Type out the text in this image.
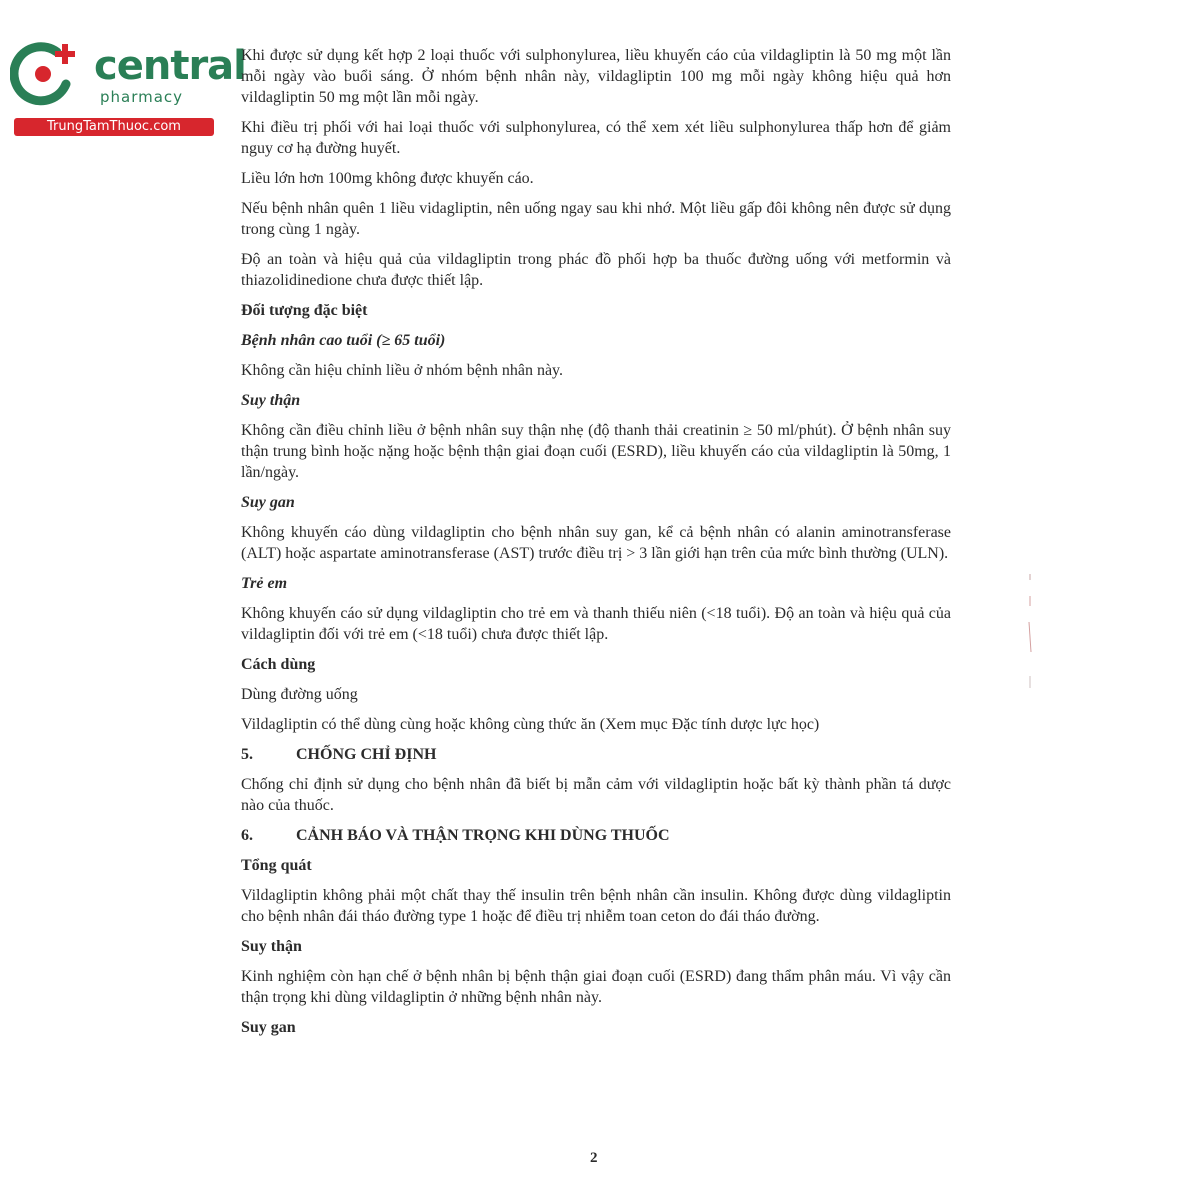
central
pharmacy
TrungTamThuoc.com

Khi được sử dụng kết hợp 2 loại thuốc với sulphonylurea, liều khuyến cáo của vildagliptin là 50 mg một lần mỗi ngày vào buổi sáng. Ở nhóm bệnh nhân này, vildagliptin 100 mg mỗi ngày không hiệu quả hơn vildagliptin 50 mg một lần mỗi ngày.

Khi điều trị phối với hai loại thuốc với sulphonylurea, có thể xem xét liều sulphonylurea thấp hơn để giảm nguy cơ hạ đường huyết.

Liều lớn hơn 100mg không được khuyến cáo.

Nếu bệnh nhân quên 1 liều vidagliptin, nên uống ngay sau khi nhớ. Một liều gấp đôi không nên được sử dụng trong cùng 1 ngày.

Độ an toàn và hiệu quả của vildagliptin trong phác đồ phối hợp ba thuốc đường uống với metformin và thiazolidinedione chưa được thiết lập.

Đối tượng đặc biệt
Bệnh nhân cao tuổi (≥ 65 tuổi)

Không cần hiệu chỉnh liều ở nhóm bệnh nhân này.

Suy thận

Không cần điều chỉnh liều ở bệnh nhân suy thận nhẹ (độ thanh thải creatinin ≥ 50 ml/phút). Ở bệnh nhân suy thận trung bình hoặc nặng hoặc bệnh thận giai đoạn cuối (ESRD), liều khuyến cáo của vildagliptin là 50mg, 1 lần/ngày.

Suy gan

Không khuyến cáo dùng vildagliptin cho bệnh nhân suy gan, kể cả bệnh nhân có alanin aminotransferase (ALT) hoặc aspartate aminotransferase (AST) trước điều trị > 3 lần giới hạn trên của mức bình thường (ULN).

Trẻ em

Không khuyến cáo sử dụng vildagliptin cho trẻ em và thanh thiếu niên (<18 tuổi). Độ an toàn và hiệu quả của vildagliptin đối với trẻ em (<18 tuổi) chưa được thiết lập.

Cách dùng

Dùng đường uống

Vildagliptin có thể dùng cùng hoặc không cùng thức ăn (Xem mục Đặc tính dược lực học)

5.	CHỐNG CHỈ ĐỊNH

Chống chỉ định sử dụng cho bệnh nhân đã biết bị mẫn cảm với vildagliptin hoặc bất kỳ thành phần tá dược nào của thuốc.

6.	CẢNH BÁO VÀ THẬN TRỌNG KHI DÙNG THUỐC
Tổng quát

Vildagliptin không phải một chất thay thế insulin trên bệnh nhân cần insulin. Không được dùng vildagliptin cho bệnh nhân đái tháo đường type 1 hoặc để điều trị nhiễm toan ceton do đái tháo đường.

Suy thận

Kinh nghiệm còn hạn chế ở bệnh nhân bị bệnh thận giai đoạn cuối (ESRD) đang thẩm phân máu. Vì vậy cần thận trọng khi dùng vildagliptin ở những bệnh nhân này.

Suy gan
2
